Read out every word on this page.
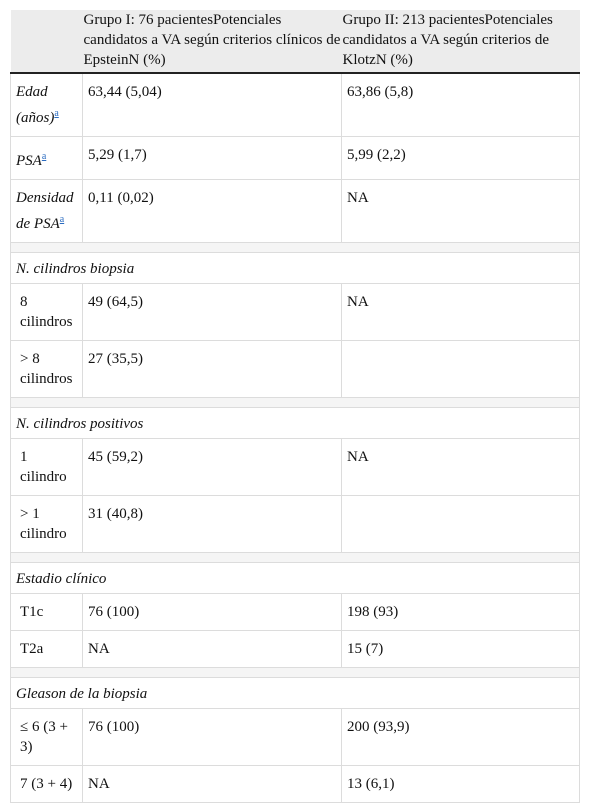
	Grupo I: 76 pacientesPotenciales candidatos a VA según criterios clínicos de EpsteinN (%)	Grupo II: 213 pacientesPotenciales candidatos a VA según criterios de KlotzN (%)
Edad (años)$^a$	63,44 (5,04)	63,86 (5,8)
PSA$^a$	5,29 (1,7)	5,99 (2,2)
Densidad de PSA$^a$	0,11 (0,02)	NA

N. cilindros biopsia		
8 cilindros	49 (64,5)	NA
> 8 cilindros	27 (35,5)	

N. cilindros positivos		
1 cilindro	45 (59,2)	NA
> 1 cilindro	31 (40,8)	

Estadio clínico		
T1c	76 (100)	198 (93)
T2a	NA	15 (7)

Gleason de la biopsia		
≤ 6 (3 + 3)	76 (100)	200 (93,9)
7 (3 + 4)	NA	13 (6,1)
